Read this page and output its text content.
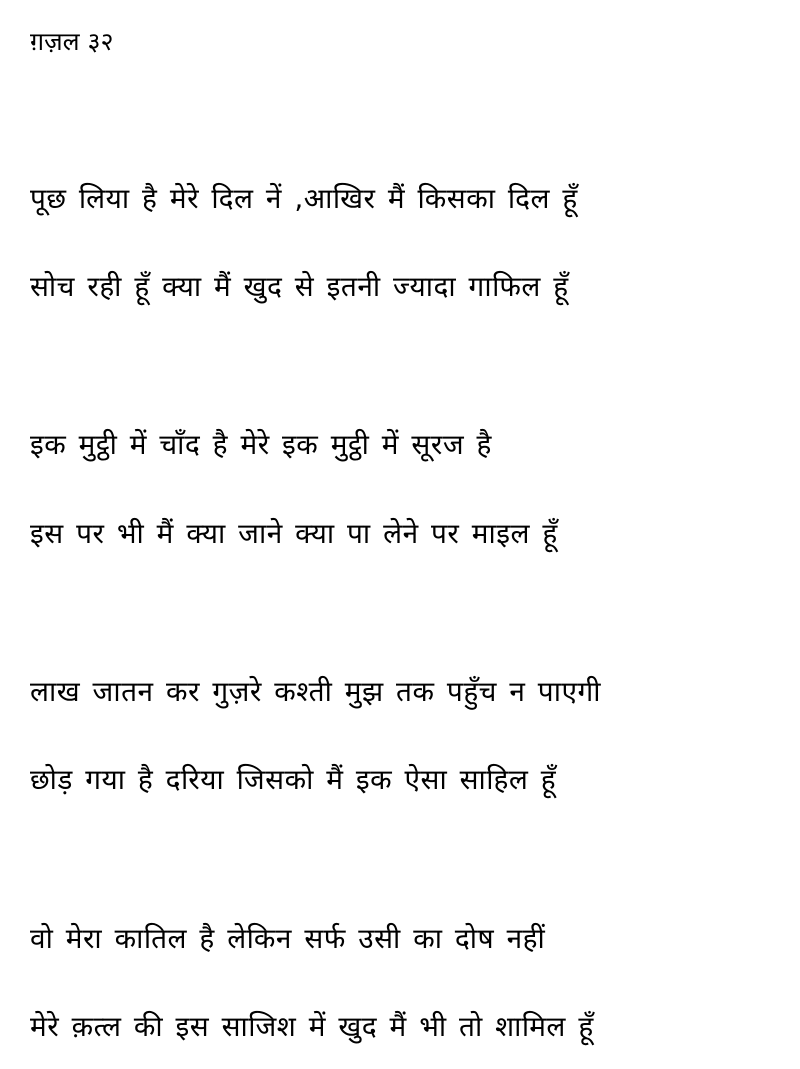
ग़ज़ल ३२
पूछ लिया है मेरे दिल नें ,आखिर मैं किसका दिल हूँ
सोच रही हूँ क्या मैं खुद से इतनी ज्यादा गाफिल हूँ
इक मुट्ठी में चाँद है मेरे इक मुट्ठी में सूरज है
इस पर भी मैं क्या जाने क्या पा लेने पर माइल हूँ
लाख जातन कर गुज़रे कश्ती मुझ तक पहुँच न पाएगी
छोड़ गया है दरिया जिसको मैं इक ऐसा साहिल हूँ
वो मेरा कातिल है लेकिन सर्फ उसी का दोष नहीं
मेरे क़त्ल की इस साजिश में खुद मैं भी तो शामिल हूँ
